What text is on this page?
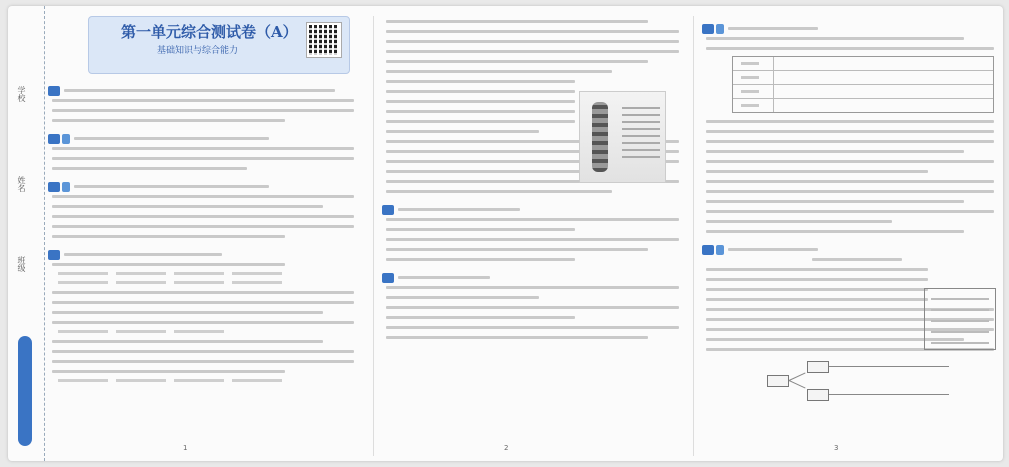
学校
姓名
班级
第一单元综合测试卷（A）
基础知识与综合能力
1	2	3
